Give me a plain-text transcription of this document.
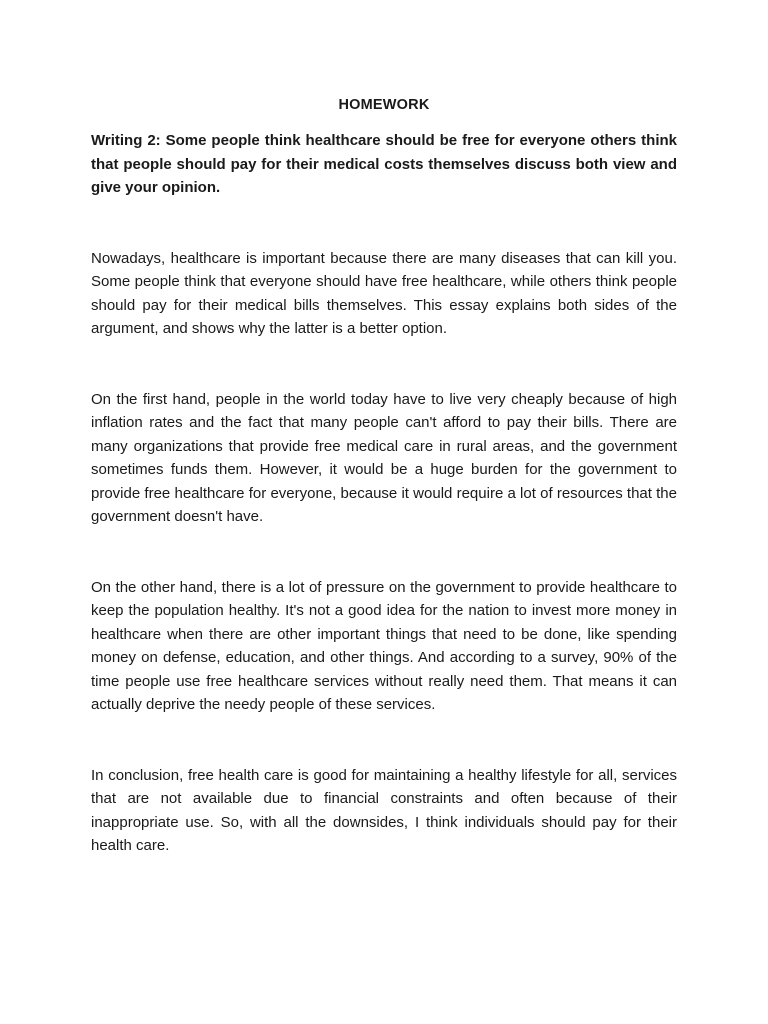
HOMEWORK

Writing 2: Some people think healthcare should be free for everyone others think that people should pay for their medical costs themselves discuss both view and give your opinion.

Nowadays, healthcare is important because there are many diseases that can kill you. Some people think that everyone should have free healthcare, while others think people should pay for their medical bills themselves. This essay explains both sides of the argument, and shows why the latter is a better option.

On the first hand, people in the world today have to live very cheaply because of high inflation rates and the fact that many people can't afford to pay their bills. There are many organizations that provide free medical care in rural areas, and the government sometimes funds them. However, it would be a huge burden for the government to provide free healthcare for everyone, because it would require a lot of resources that the government doesn't have.

On the other hand, there is a lot of pressure on the government to provide healthcare to keep the population healthy. It's not a good idea for the nation to invest more money in healthcare when there are other important things that need to be done, like spending money on defense, education, and other things. And according to a survey, 90% of the time people use free healthcare services without really need them. That means it can actually deprive the needy people of these services.

In conclusion, free health care is good for maintaining a healthy lifestyle for all, services that are not available due to financial constraints and often because of their inappropriate use. So, with all the downsides, I think individuals should pay for their health care.
